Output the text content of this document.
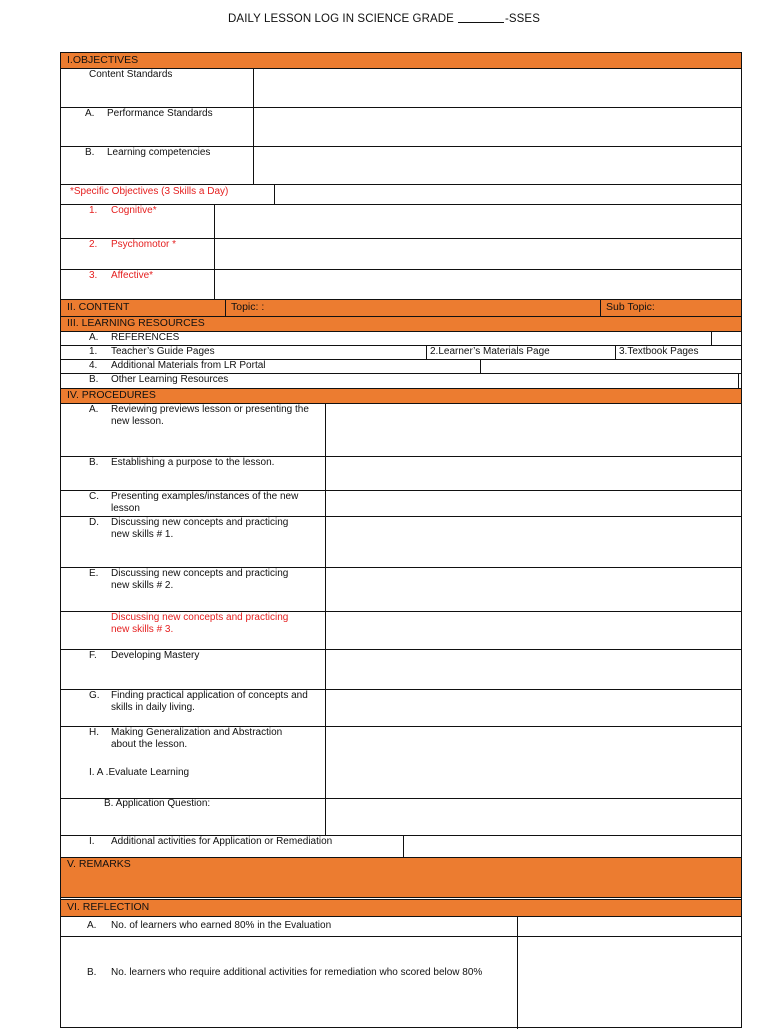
DAILY LESSON LOG IN SCIENCE GRADE	-SSES
I.OBJECTIVES
Content Standards
A. Performance Standards
B. Learning competencies
*Specific Objectives (3 Skills a Day)
1. Cognitive*
2. Psychomotor *
3. Affective*
II. CONTENT	Topic: :	Sub Topic:
III. LEARNING RESOURCES
A. REFERENCES
1. Teacher’s Guide Pages	2.Learner’s Materials Page	3.Textbook Pages
4. Additional Materials from LR Portal
B. Other Learning Resources
IV. PROCEDURES
A. Reviewing previews lesson or presenting the new lesson.
B. Establishing a purpose to the lesson.
C. Presenting examples/instances of the new lesson
D. Discussing new concepts and practicing new skills # 1.
E. Discussing new concepts and practicing new skills # 2.
Discussing new concepts and practicing new skills # 3.
F. Developing Mastery
G. Finding practical application of concepts and skills in daily living.
H. Making Generalization and Abstraction about the lesson.
I. A .Evaluate Learning
B. Application Question:
I. Additional activities for Application or Remediation
V. REMARKS
VI. REFLECTION
A. No. of learners who earned 80% in the Evaluation
B.	No. learners who require additional activities for remediation who scored below 80%
